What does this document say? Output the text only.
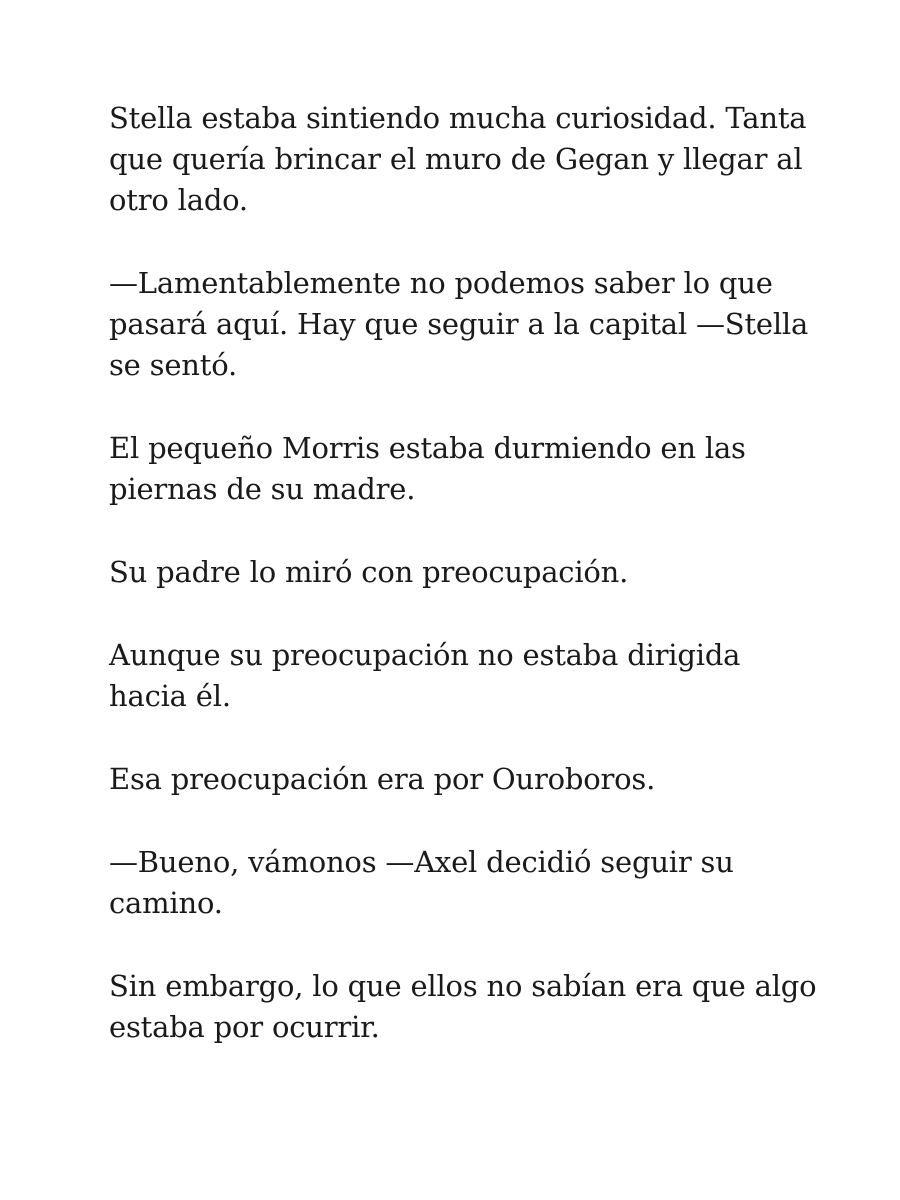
Stella estaba sintiendo mucha curiosidad. Tanta
que quería brincar el muro de Gegan y llegar al
otro lado.

—Lamentablemente no podemos saber lo que
pasará aquí. Hay que seguir a la capital —Stella
se sentó.

El pequeño Morris estaba durmiendo en las
piernas de su madre.

Su padre lo miró con preocupación.

Aunque su preocupación no estaba dirigida
hacia él.

Esa preocupación era por Ouroboros.

—Bueno, vámonos —Axel decidió seguir su
camino.

Sin embargo, lo que ellos no sabían era que algo
estaba por ocurrir.
